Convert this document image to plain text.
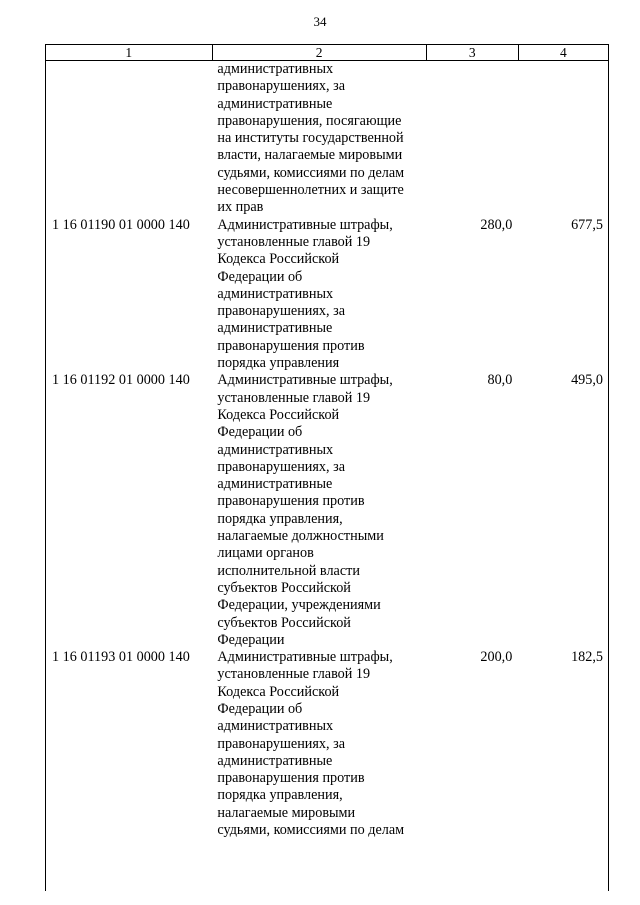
34
1	2	3	4
административных
правонарушениях, за
административные
правонарушения, посягающие
на институты государственной
власти, налагаемые мировыми
судьями, комиссиями по делам
несовершеннолетних и защите
их прав
1 16 01190 01 0000 140	Административные штрафы,
установленные главой 19
Кодекса Российской
Федерации об
административных
правонарушениях, за
административные
правонарушения против
порядка управления
280,0	677,5
1 16 01192 01 0000 140	Административные штрафы,
установленные главой 19
Кодекса Российской
Федерации об
административных
правонарушениях, за
административные
правонарушения против
порядка управления,
налагаемые должностными
лицами органов
исполнительной власти
субъектов Российской
Федерации, учреждениями
субъектов Российской
Федерации
80,0	495,0
1 16 01193 01 0000 140	Административные штрафы,
установленные главой 19
Кодекса Российской
Федерации об
административных
правонарушениях, за
административные
правонарушения против
порядка управления,
налагаемые мировыми
судьями, комиссиями по делам
200,0	182,5
